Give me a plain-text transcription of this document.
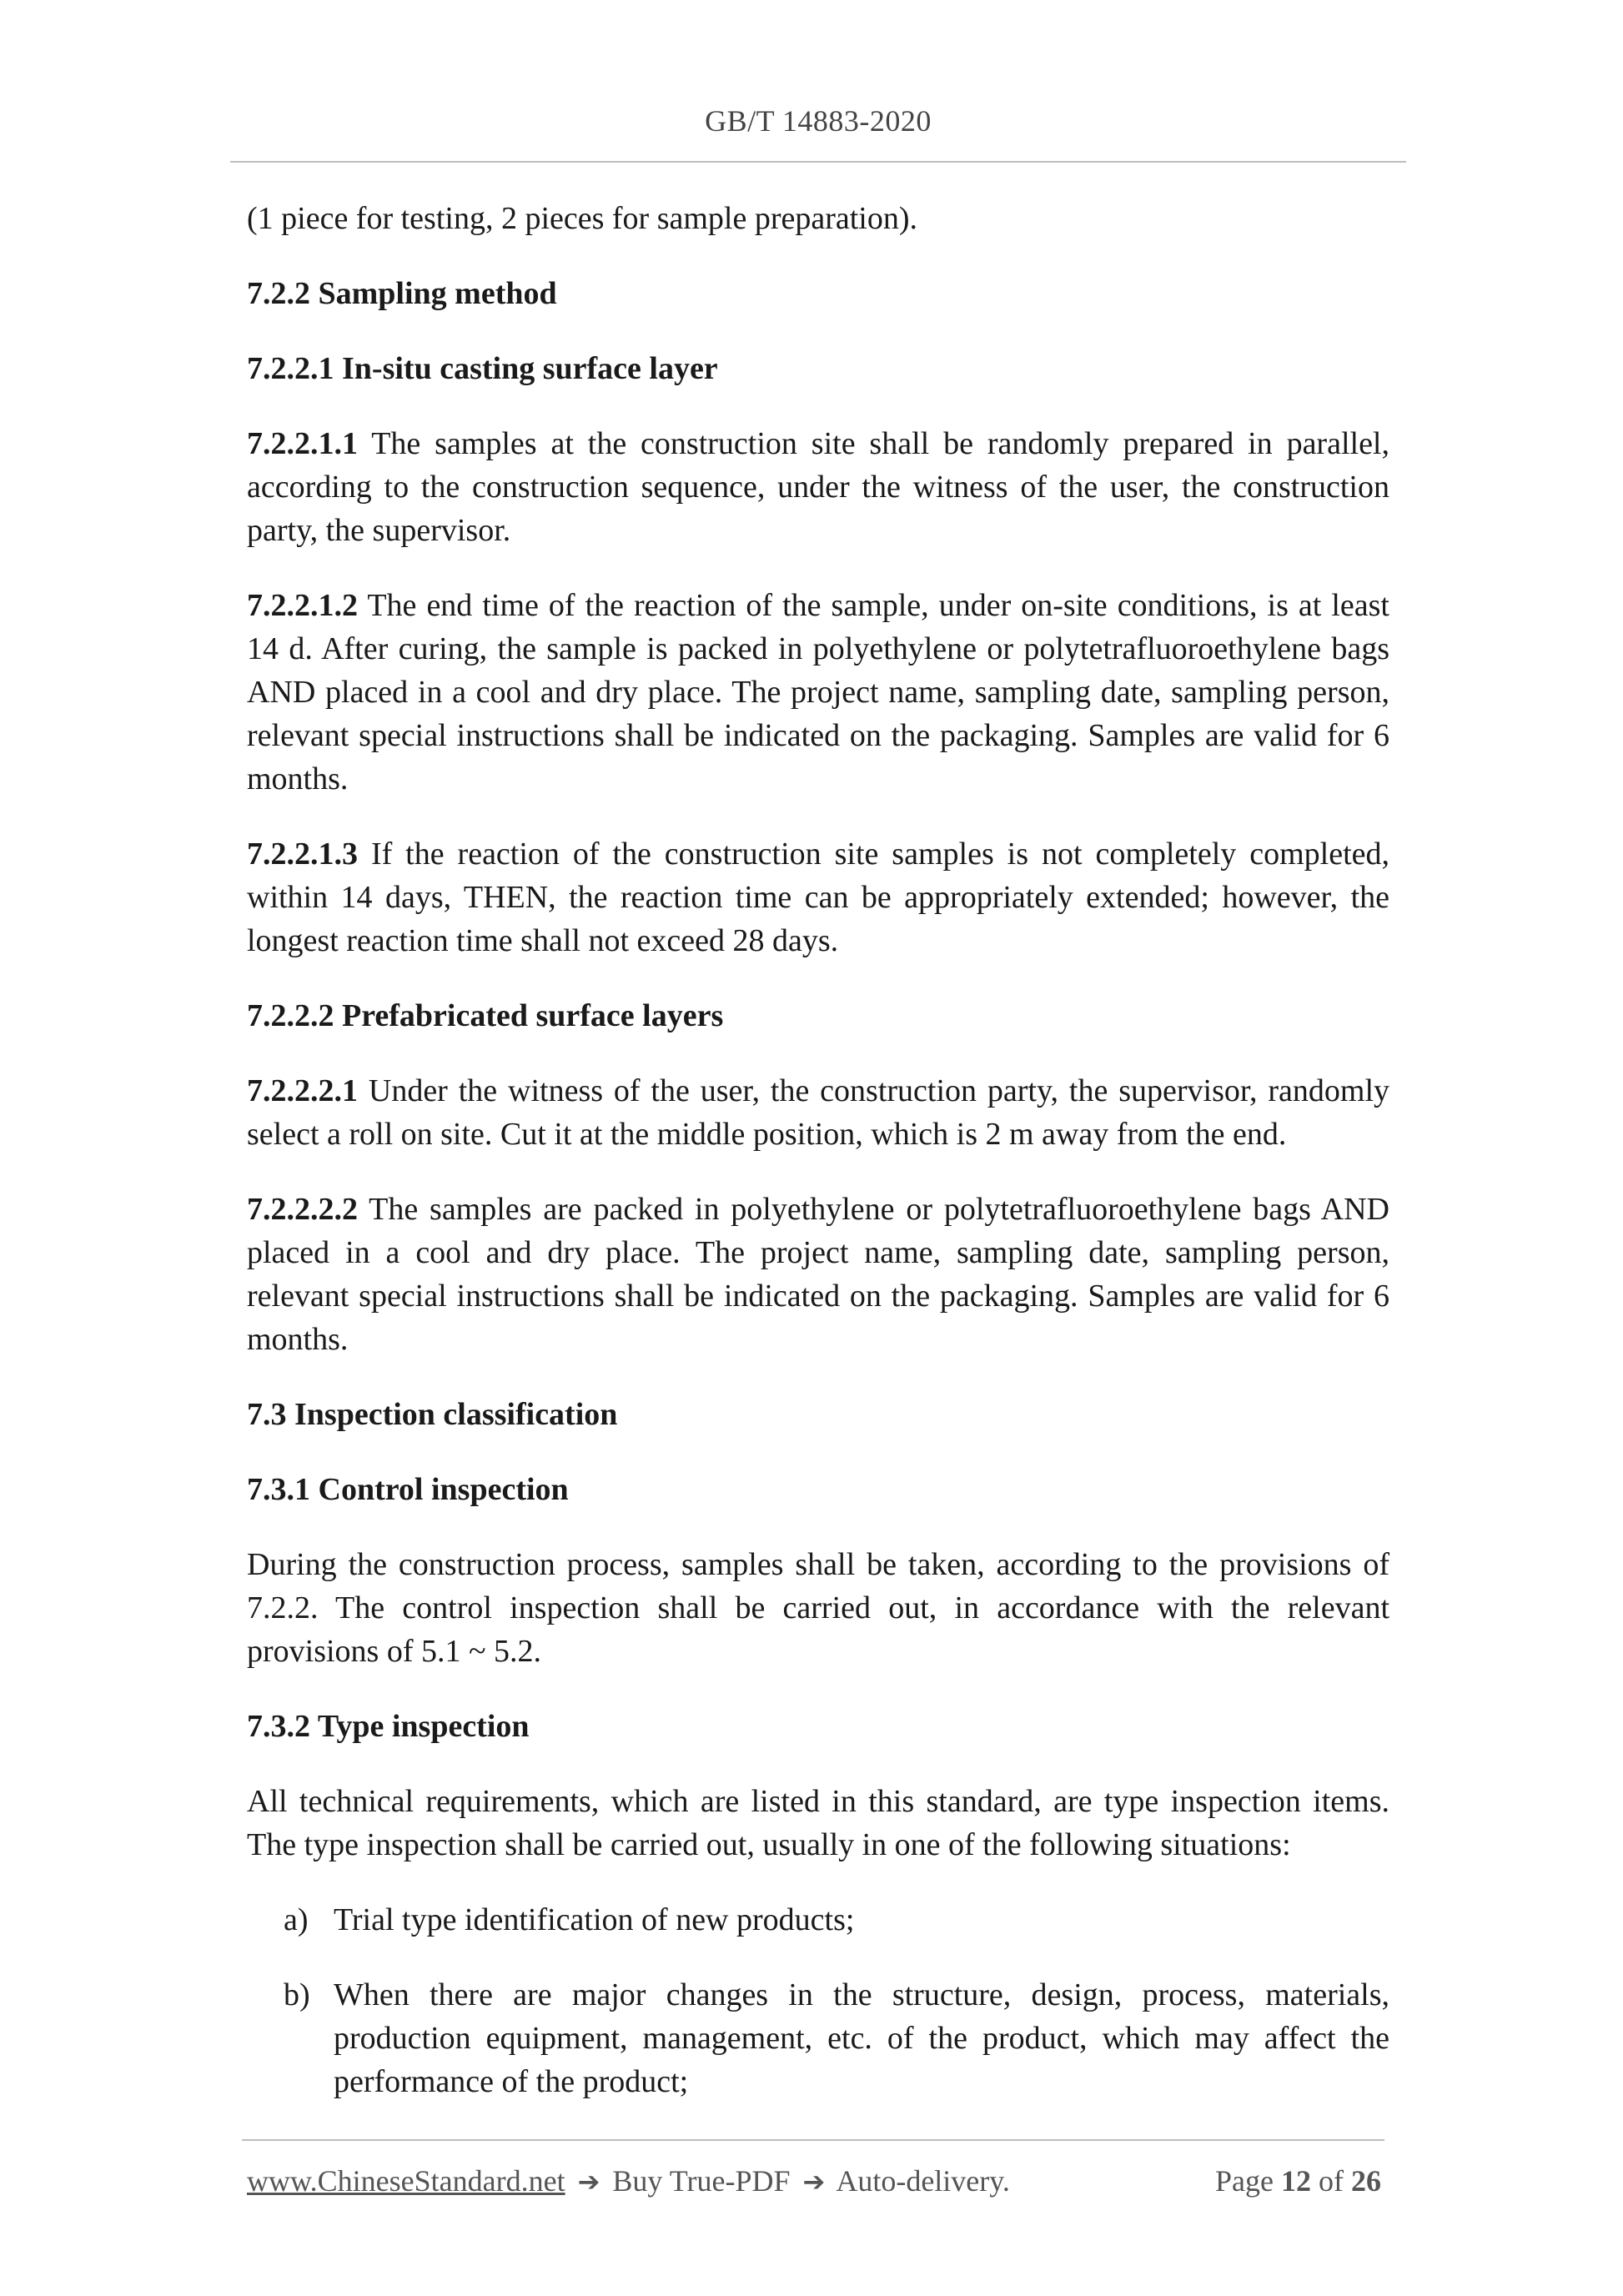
GB/T 14883-2020

(1 piece for testing, 2 pieces for sample preparation).

7.2.2 Sampling method
7.2.2.1 In-situ casting surface layer

7.2.2.1.1 The samples at the construction site shall be randomly prepared in parallel, according to the construction sequence, under the witness of the user, the construction party, the supervisor.

7.2.2.1.2 The end time of the reaction of the sample, under on-site conditions, is at least 14 d. After curing, the sample is packed in polyethylene or polytetrafluoroethylene bags AND placed in a cool and dry place. The project name, sampling date, sampling person, relevant special instructions shall be indicated on the packaging. Samples are valid for 6 months.

7.2.2.1.3 If the reaction of the construction site samples is not completely completed, within 14 days, THEN, the reaction time can be appropriately extended; however, the longest reaction time shall not exceed 28 days.

7.2.2.2 Prefabricated surface layers

7.2.2.2.1 Under the witness of the user, the construction party, the supervisor, randomly select a roll on site. Cut it at the middle position, which is 2 m away from the end.

7.2.2.2.2 The samples are packed in polyethylene or polytetrafluoroethylene bags AND placed in a cool and dry place. The project name, sampling date, sampling person, relevant special instructions shall be indicated on the packaging. Samples are valid for 6 months.

7.3 Inspection classification
7.3.1 Control inspection

During the construction process, samples shall be taken, according to the provisions of 7.2.2. The control inspection shall be carried out, in accordance with the relevant provisions of 5.1 ~ 5.2.

7.3.2 Type inspection

All technical requirements, which are listed in this standard, are type inspection items. The type inspection shall be carried out, usually in one of the following situations:

a) Trial type identification of new products;
b) When there are major changes in the structure, design, process, materials, production equipment, management, etc. of the product, which may affect the performance of the product;
www.ChineseStandard.net ➔ Buy True-PDF ➔ Auto-delivery.	Page 12 of 26
